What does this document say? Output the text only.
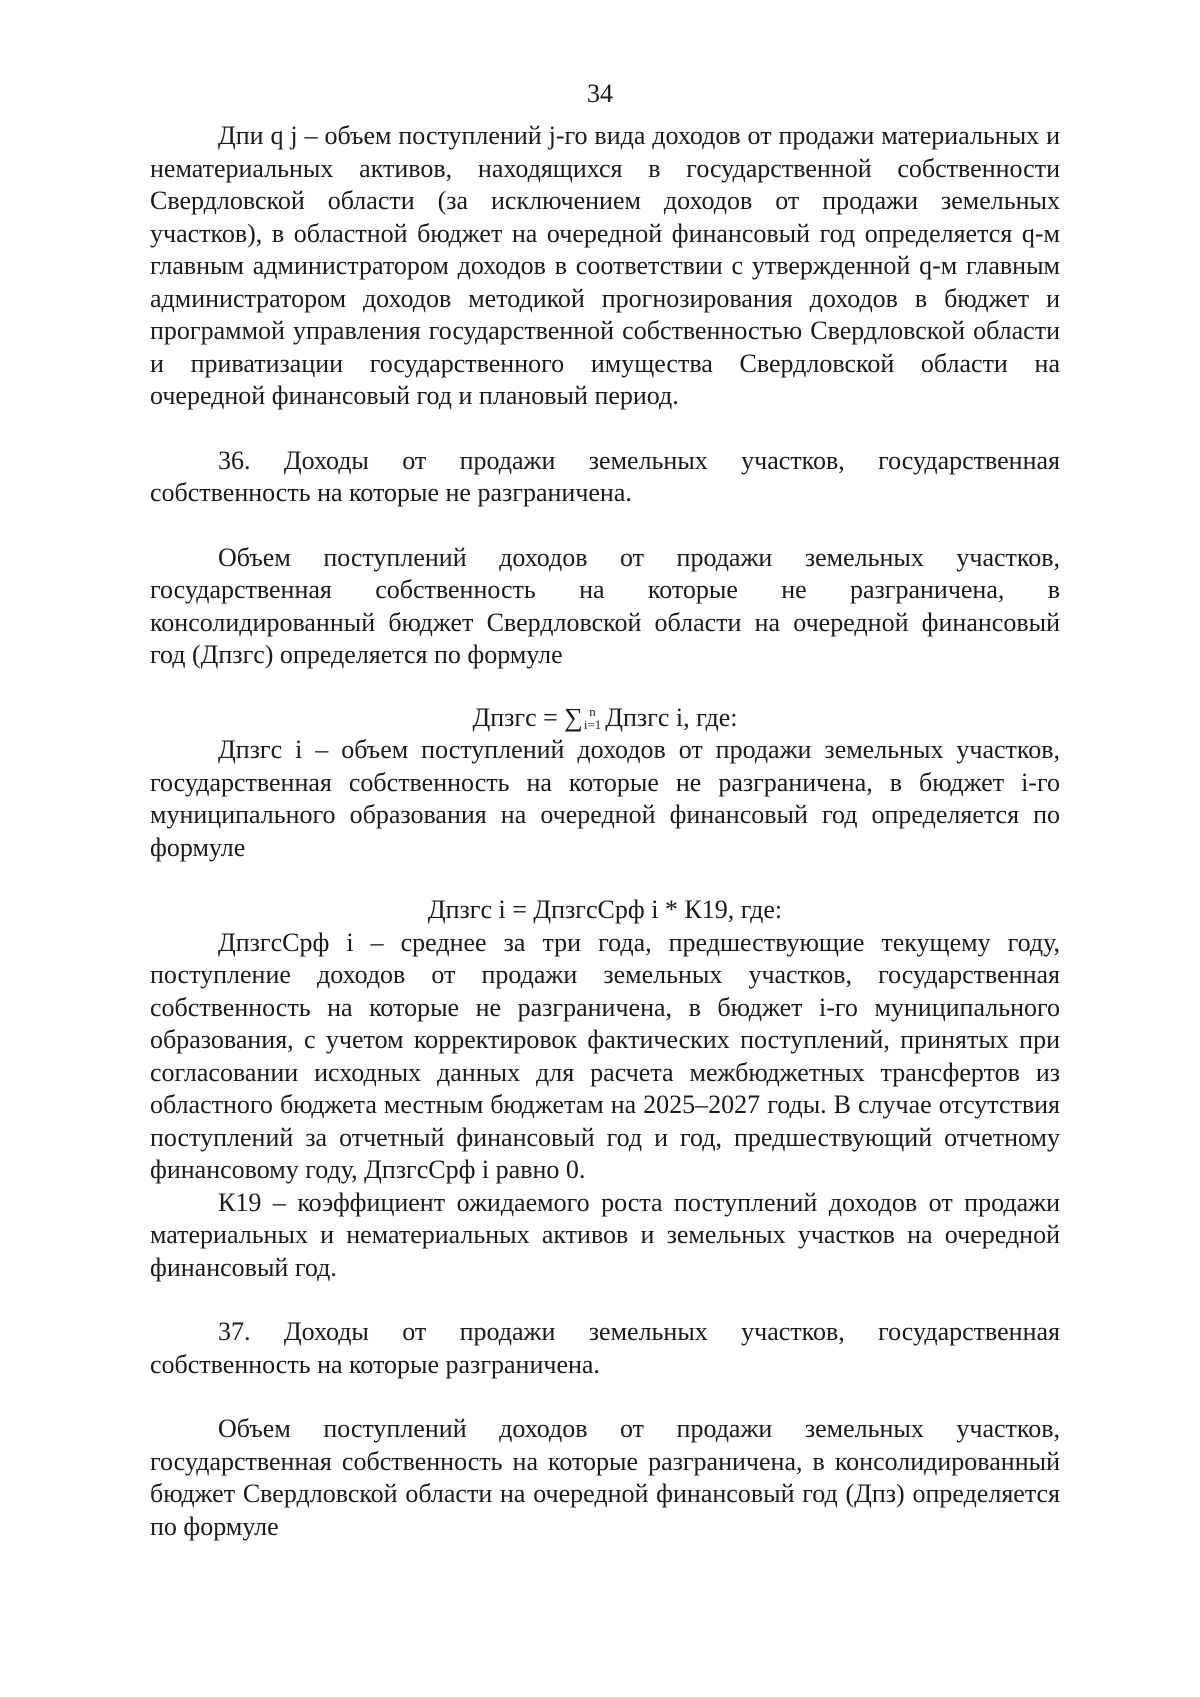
34

Дпи q j – объем поступлений j-го вида доходов от продажи материальных и нематериальных активов, находящихся в государственной собственности Свердловской области (за исключением доходов от продажи земельных участков), в областной бюджет на очередной финансовый год определяется q-м главным администратором доходов в соответствии с утвержденной q-м главным администратором доходов методикой прогнозирования доходов в бюджет и программой управления государственной собственностью Свердловской области и приватизации государственного имущества Свердловской области на очередной финансовый год и плановый период.

36. Доходы от продажи земельных участков, государственная собственность на которые не разграничена.

Объем поступлений доходов от продажи земельных участков, государственная собственность на которые не разграничена, в консолидированный бюджет Свердловской области на очередной финансовый год (Дпзгс) определяется по формуле

Дпзгс = ∑ n
i=1 Дпзгс i, где:

Дпзгс i – объем поступлений доходов от продажи земельных участков, государственная собственность на которые не разграничена, в бюджет i-го муниципального образования на очередной финансовый год определяется по формуле

Дпзгс i = ДпзгсСрф i * К19, где:

ДпзгсСрф i – среднее за три года, предшествующие текущему году, поступление доходов от продажи земельных участков, государственная собственность на которые не разграничена, в бюджет i-го муниципального образования, с учетом корректировок фактических поступлений, принятых при согласовании исходных данных для расчета межбюджетных трансфертов из областного бюджета местным бюджетам на 2025–2027 годы. В случае отсутствия поступлений за отчетный финансовый год и год, предшествующий отчетному финансовому году, ДпзгсСрф i равно 0.

К19 – коэффициент ожидаемого роста поступлений доходов от продажи материальных и нематериальных активов и земельных участков на очередной финансовый год.

37. Доходы от продажи земельных участков, государственная собственность на которые разграничена.

Объем поступлений доходов от продажи земельных участков, государственная собственность на которые разграничена, в консолидированный бюджет Свердловской области на очередной финансовый год (Дпз) определяется по формуле
